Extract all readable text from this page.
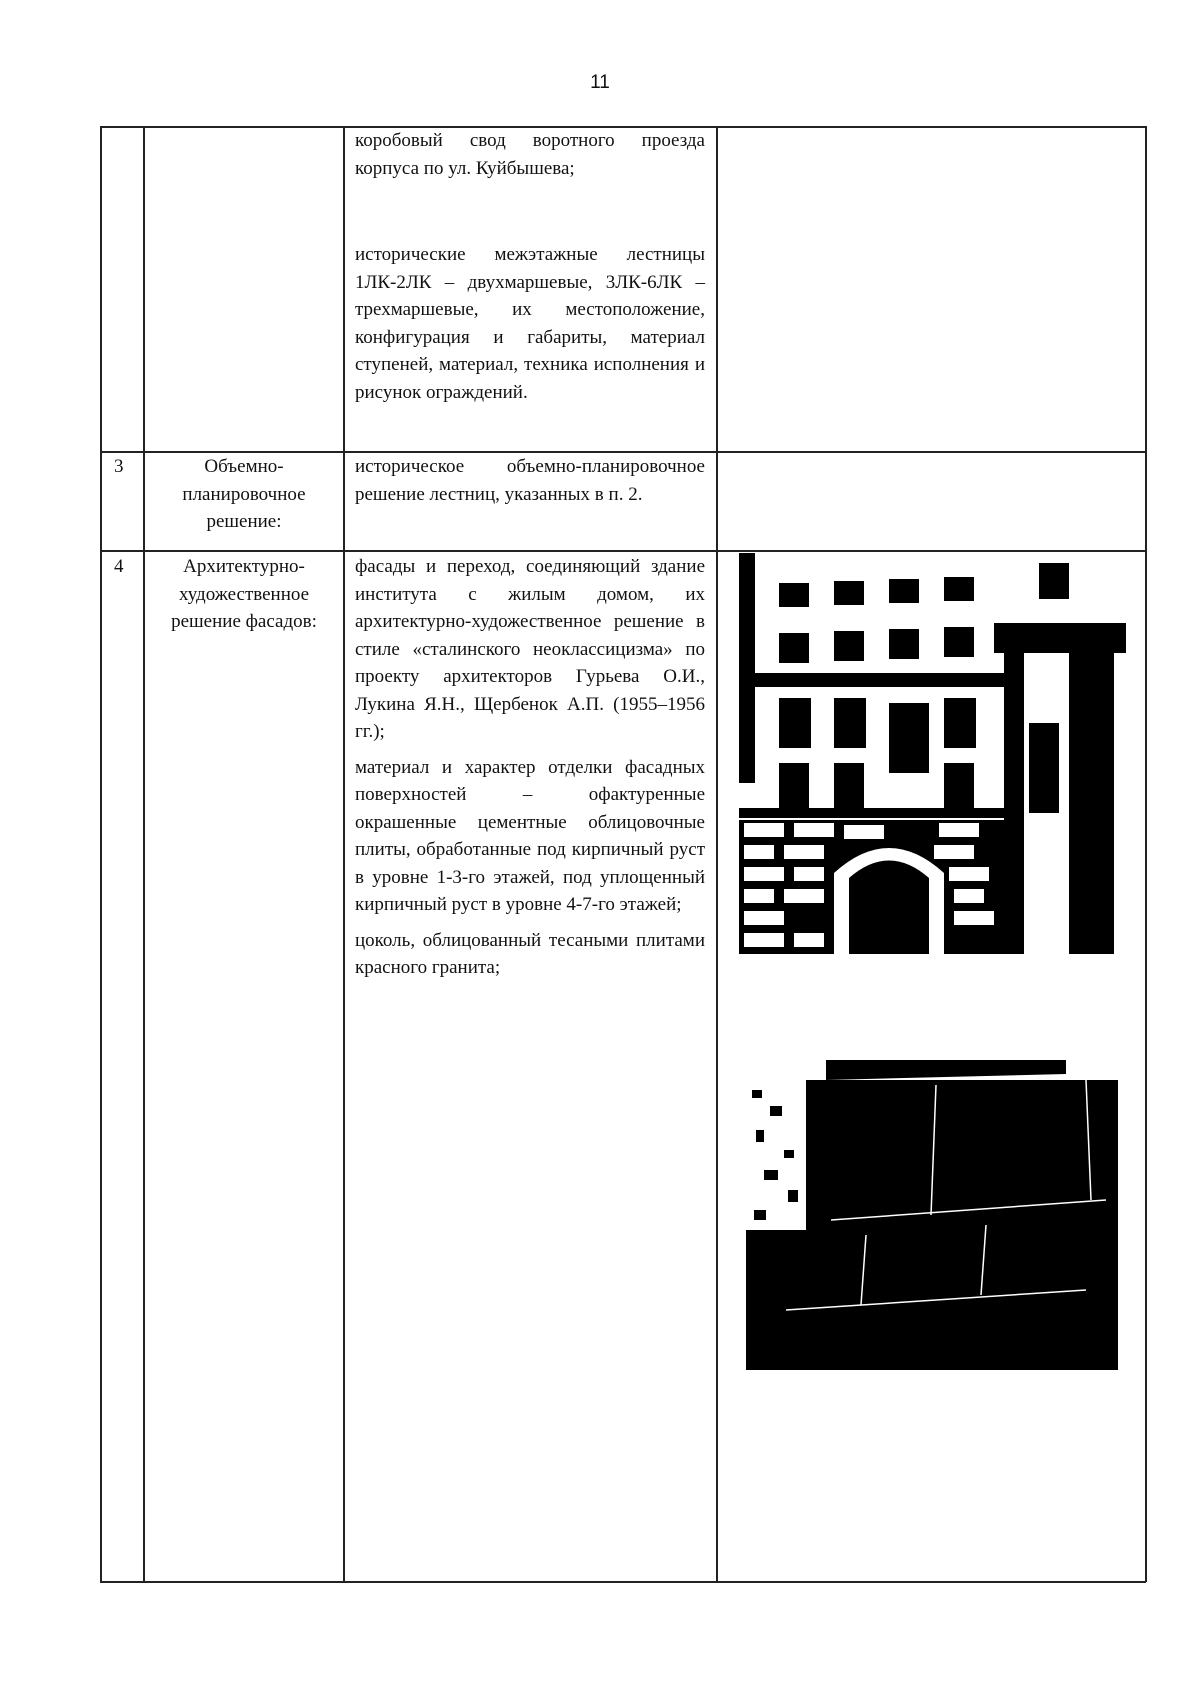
11

коробовый свод воротного проезда корпуса по ул. Куйбышева;

исторические межэтажные лестницы 1ЛК-2ЛК – двухмаршевые, 3ЛК-6ЛК – трехмаршевые, их местоположение, конфигурация и габариты, материал ступеней, материал, техника исполнения и рисунок ограждений.

3	Объемно-планировочное решение:

историческое объемно-планировочное решение лестниц, указанных в п. 2.

4	Архитектурно-художественное решение фасадов:

фасады и переход, соединяющий здание института с жилым домом, их архитектурно-художественное решение в стиле «сталинского неоклассицизма» по проекту архитекторов Гурьева О.И., Лукина Я.Н., Щербенок А.П. (1955–1956 гг.);

материал и характер отделки фасадных поверхностей – офактуренные окрашенные цементные облицовочные плиты, обработанные под кирпичный руст в уровне 1-3-го этажей, под уплощенный кирпичный руст в уровне 4-7-го этажей;

цоколь, облицованный тесаными плитами красного гранита;
